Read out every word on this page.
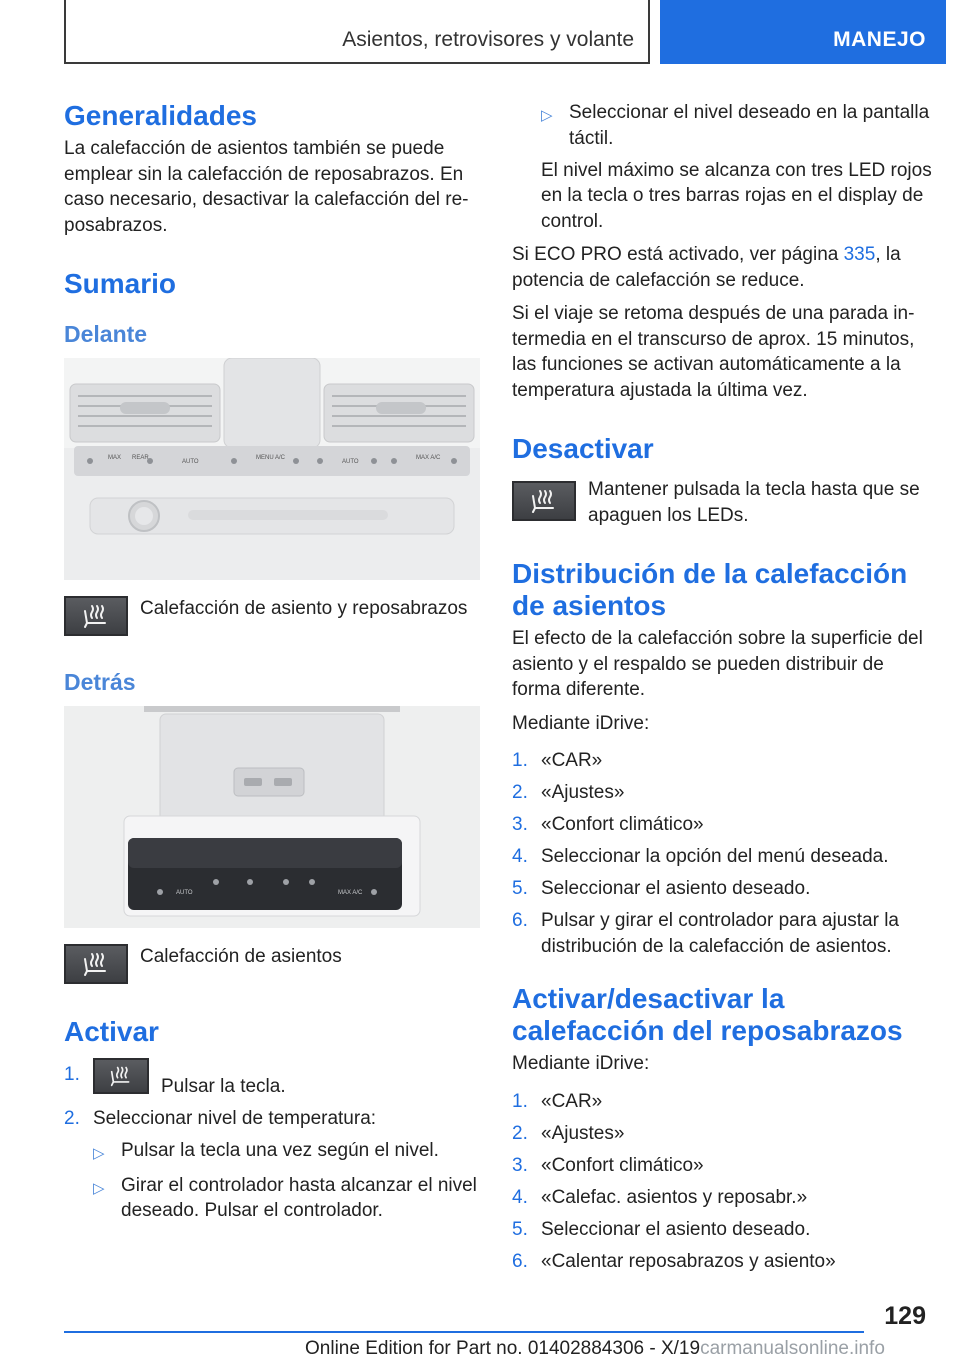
Asientos, retrovisores y volante	MANEJO
Generalidades

La calefacción de asientos también se puede emplear sin la calefacción de reposabrazos. En caso necesario, desactivar la calefacción del reposabrazos.

Sumario
Delante
MAX REAR
AUTO
MENU A/C
AUTO
MAX A/C
Calefacción de asiento y reposabrazos
Detrás
AUTO	MAX A/C
Calefacción de asientos
Activar
1.
Pulsar la tecla.
2. Seleccionar nivel de temperatura:
▷ Pulsar la tecla una vez según el nivel.
▷ Girar el controlador hasta alcanzar el nivel deseado. Pulsar el controlador.
▷ Seleccionar el nivel deseado en la pantalla táctil.

El nivel máximo se alcanza con tres LED rojos en la tecla o tres barras rojas en el display de control.

Si ECO PRO está activado, ver página 335, la potencia de calefacción se reduce.

Si el viaje se retoma después de una parada intermedia en el transcurso de aprox. 15 minutos, las funciones se activan automáticamente a la temperatura ajustada la última vez.

Desactivar
Mantener pulsada la tecla hasta que se apaguen los LEDs.
Distribución de la calefacción de asientos

El efecto de la calefacción sobre la superficie del asiento y el respaldo se pueden distribuir de forma diferente.

Mediante iDrive:

1. «CAR»
2. «Ajustes»
3. «Confort climático»
4. Seleccionar la opción del menú deseada.
5. Seleccionar el asiento deseado.
6. Pulsar y girar el controlador para ajustar la distribución de la calefacción de asientos.
Activar/desactivar la calefacción del reposabrazos

Mediante iDrive:

1. «CAR»
2. «Ajustes»
3. «Confort climático»
4. «Calefac. asientos y reposabr.»
5. Seleccionar el asiento deseado.
6. «Calentar reposabrazos y asiento»
129
Online Edition for Part no. 01402884306 - X/19carmanualsonline.info
